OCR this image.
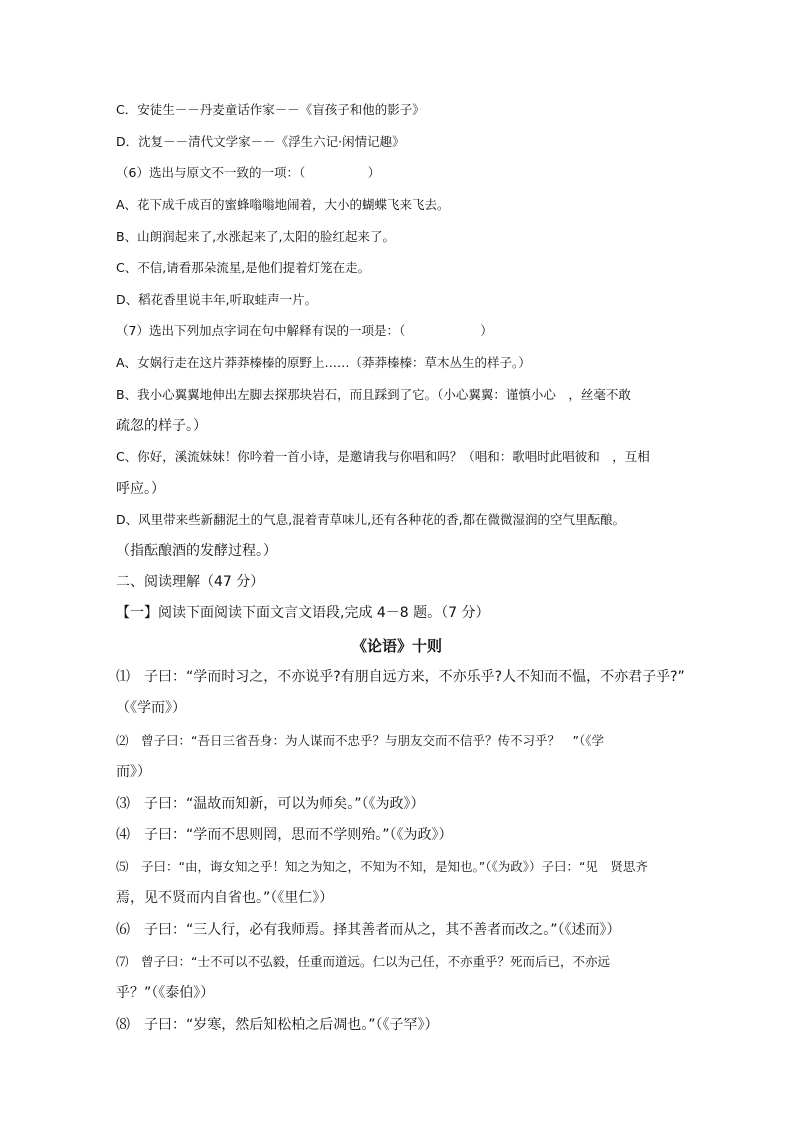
C．安徒生－－丹麦童话作家－－《盲孩子和他的影子》
D．沈复－－清代文学家－－《浮生六记·闲情记趣》
（6）选出与原文不一致的一项：（　　　　　）
A、花下成千成百的蜜蜂嗡嗡地闹着，大小的蝴蝶飞来飞去。
B、山朗润起来了,水涨起来了,太阳的脸红起来了。
C、不信,请看那朵流星,是他们提着灯笼在走。
D、稻花香里说丰年,听取蛙声一片。
（7）选出下列加点字词在句中解释有误的一项是：（　　　　　　）
A、女娲行走在这片莽莽榛榛的原野上……（莽莽榛榛：草木丛生的样子。）
B、我小心翼翼地伸出左脚去探那块岩石，而且踩到了它。（小心翼翼：谨慎小心　，丝毫不敢
疏忽的样子。）
C、你好，溪流妹妹！你吟着一首小诗，是邀请我与你唱和吗？（唱和：歌唱时此唱彼和　，互相
呼应。）
D、风里带来些新翻泥土的气息,混着青草味儿,还有各种花的香,都在微微湿润的空气里酝酿。
（指酝酿酒的发酵过程。）
二、阅读理解（47 分）
【一】阅读下面阅读下面文言文语段,完成 4－8 题。（7 分）
《论语》十则
⑴　子曰：“学而时习之，不亦说乎?有朋自远方来，不亦乐乎?人不知而不愠，不亦君子乎?”
（《学而》）
⑵　曾子曰：“吾日三省吾身：为人谋而不忠乎？与朋友交而不信乎？传不习乎？　”（《学
而》）
⑶　子曰：“温故而知新，可以为师矣。”（《为政》）
⑷　子曰：“学而不思则罔，思而不学则殆。”（《为政》）
⑸　子曰：“由，诲女知之乎！知之为知之，不知为不知，是知也。”（《为政》）子曰：“见　贤思齐
焉，见不贤而内自省也。”（《里仁》）
⑹　子曰：“三人行，必有我师焉。择其善者而从之，其不善者而改之。”（《述而》）
⑺　曾子曰：“士不可以不弘毅，任重而道远。仁以为己任，不亦重乎？死而后已，不亦远
乎？”（《泰伯》）
⑻　子曰：“岁寒，然后知松柏之后凋也。”（《子罕》）
